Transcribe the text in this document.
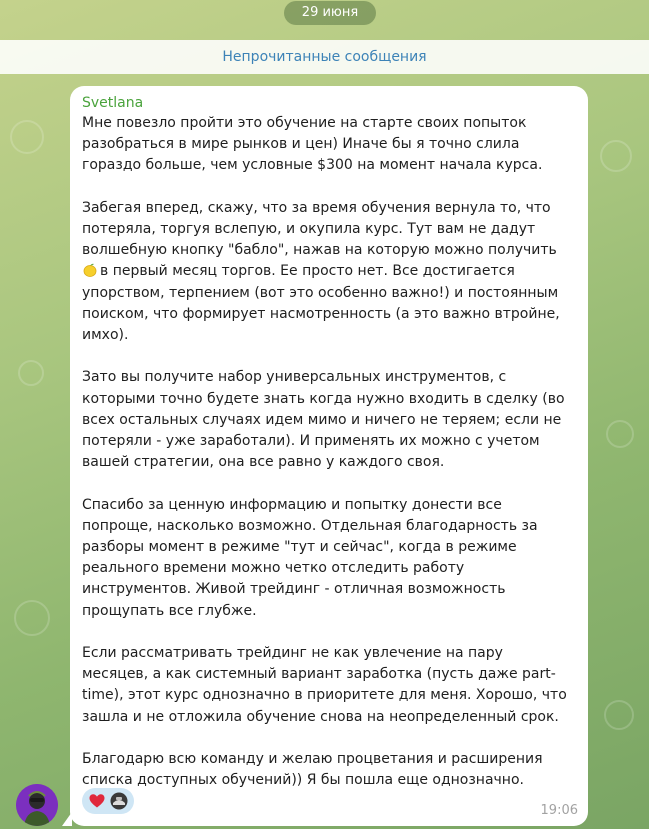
29 июня
Непрочитанные сообщения
Svetlana

Мне повезло пройти это обучение на старте своих попыток разобраться в мире рынков и цен) Иначе бы я точно слила гораздо больше, чем условные $300 на момент начала курса.

Забегая вперед, скажу, что за время обучения вернула то, что потеряла, торгуя вслепую, и окупила курс. Тут вам не дадут волшебную кнопку "бабло", нажав на которую можно получить
в первый месяц торгов. Ее просто нет. Все достигается упорством, терпением (вот это особенно важно!) и постоянным поиском, что формирует насмотренность (а это важно втройне, имхо).

Зато вы получите набор универсальных инструментов, с которыми точно будете знать когда нужно входить в сделку (во всех остальных случаях идем мимо и ничего не теряем; если не потеряли - уже заработали). И применять их можно с учетом вашей стратегии, она все равно у каждого своя.

Спасибо за ценную информацию и попытку донести все попроще, насколько возможно. Отдельная благодарность за разборы момент в режиме "тут и сейчас", когда в режиме реального времени можно четко отследить работу инструментов. Живой трейдинг - отличная возможность прощупать все глубже.

Если рассматривать трейдинг не как увлечение на пару месяцев, а как системный вариант заработка (пусть даже part-time), этот курс однозначно в приоритете для меня. Хорошо, что зашла и не отложила обучение снова на неопределенный срок.

Благодарю всю команду и желаю процветания и расширения списка доступных обучений)) Я бы пошла еще однозначно.

19:06
